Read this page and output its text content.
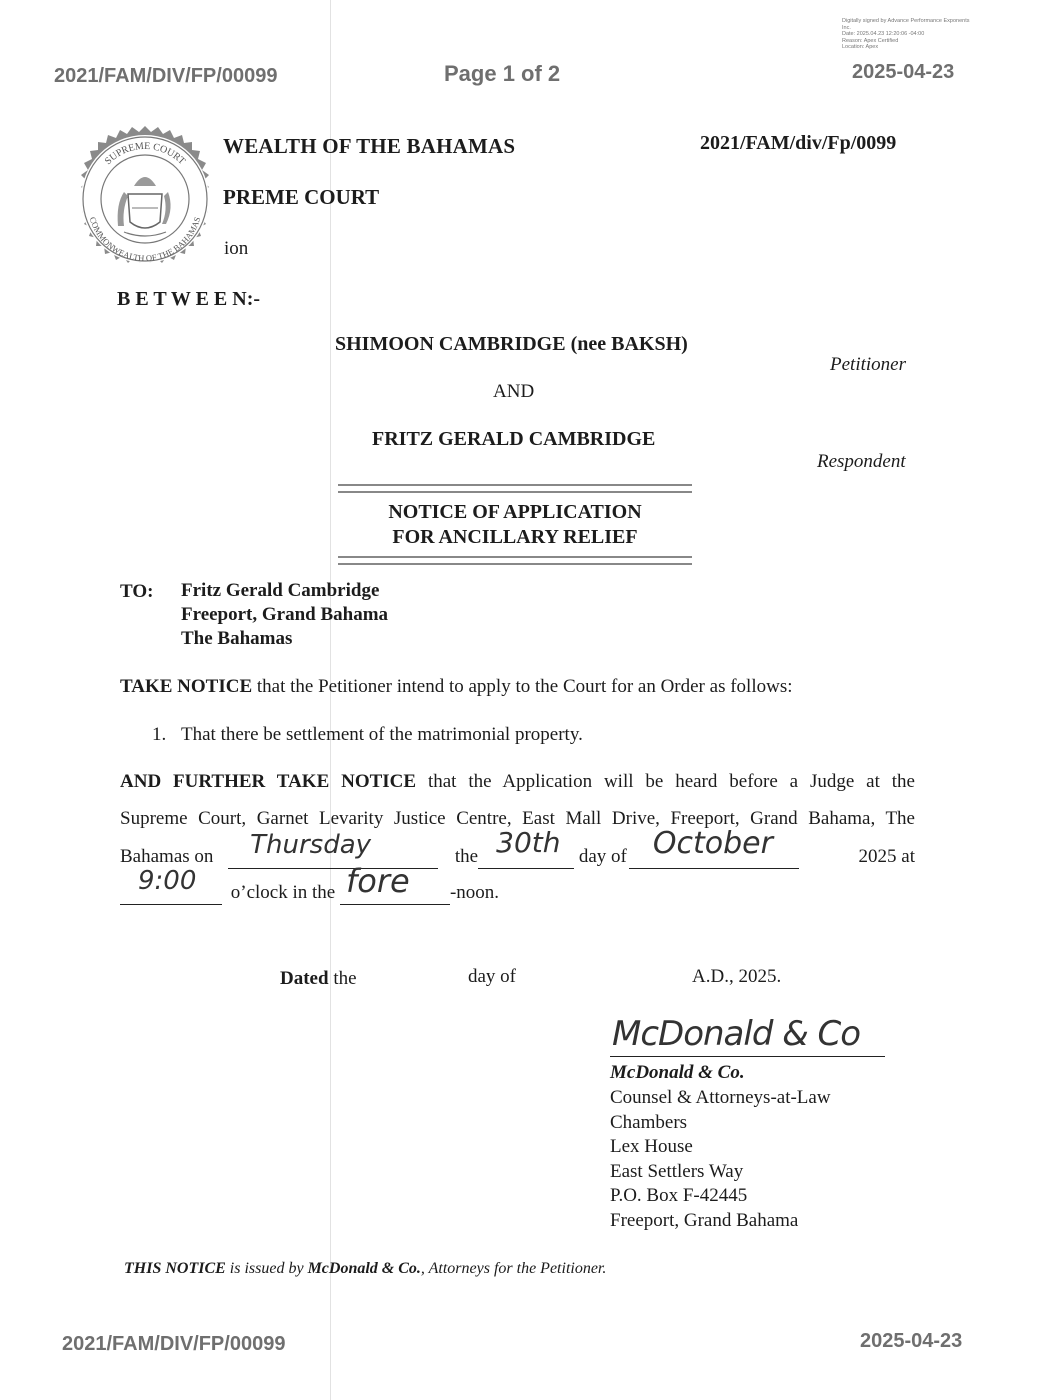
Digitally signed by Advance Performance Exponents
Inc.
Date: 2025.04.23 12:20:06 -04:00
Reason: Apex Certified
Location: Apex
2021/FAM/DIV/FP/00099	Page 1 of 2	2025-04-23
SUPREME COURT
COMMONWEALTH OF THE BAHAMAS
WEALTH OF THE BAHAMAS
PREME COURT
ion
2021/FAM/div/Fp/0099
B E T W E E N:-
SHIMOON CAMBRIDGE (nee BAKSH)
Petitioner
AND
FRITZ GERALD CAMBRIDGE
Respondent
NOTICE OF APPLICATION
FOR ANCILLARY RELIEF
TO: Fritz Gerald Cambridge
Freeport, Grand Bahama
The Bahamas
TAKE NOTICE that the Petitioner intend to apply to the Court for an Order as follows:
1. That there be settlement of the matrimonial property.
AND FURTHER TAKE NOTICE that the Application will be heard before a Judge at the
Supreme Court, Garnet Levarity Justice Centre, East Mall Drive, Freeport, Grand Bahama, The
Bahamas on Thursday	the 30th day of October
	2025 at
9:00 o’clock in the fore -noon.
Dated the	day of	A.D., 2025.
McDonald & Co
McDonald & Co.
Counsel & Attorneys-at-Law
Chambers
Lex House
East Settlers Way
P.O. Box F-42445
Freeport, Grand Bahama
THIS NOTICE is issued by McDonald & Co., Attorneys for the Petitioner.
2021/FAM/DIV/FP/00099	2025-04-23
